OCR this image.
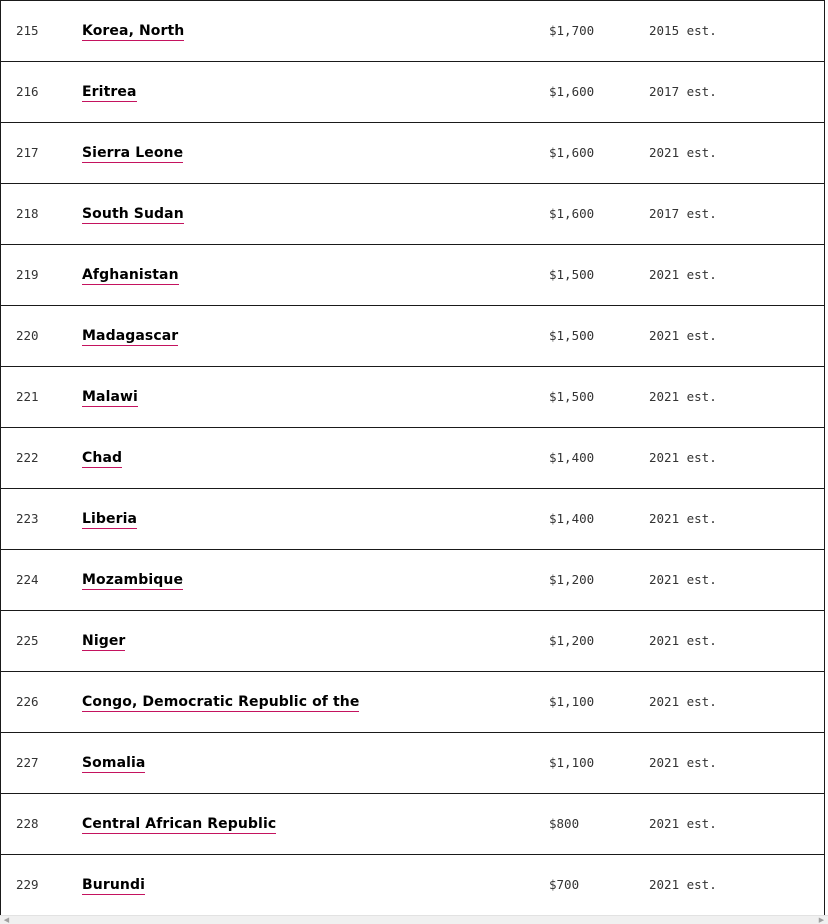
215	Korea, North	$1,700	2015 est.
216	Eritrea	$1,600	2017 est.
217	Sierra Leone	$1,600	2021 est.
218	South Sudan	$1,600	2017 est.
219	Afghanistan	$1,500	2021 est.
220	Madagascar	$1,500	2021 est.
221	Malawi	$1,500	2021 est.
222	Chad	$1,400	2021 est.
223	Liberia	$1,400	2021 est.
224	Mozambique	$1,200	2021 est.
225	Niger	$1,200	2021 est.
226	Congo, Democratic Republic of the	$1,100	2021 est.
227	Somalia	$1,100	2021 est.
228	Central African Republic	$800	2021 est.
229	Burundi	$700	2021 est.
◀	▶
